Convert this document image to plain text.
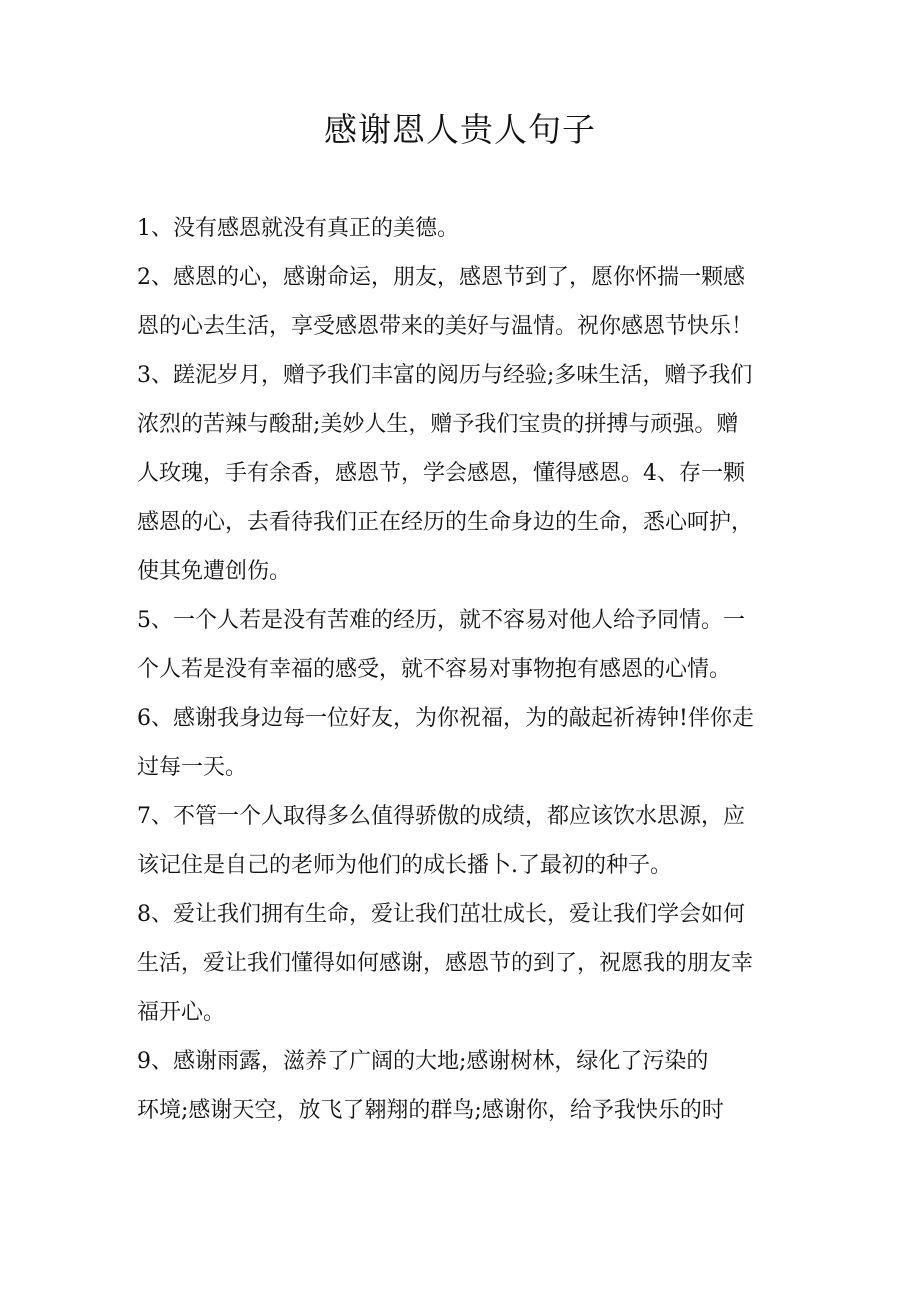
感谢恩人贵人句子
1、没有感恩就没有真正的美德。
2、感恩的心，感谢命运，朋友，感恩节到了，愿你怀揣一颗感
恩的心去生活，享受感恩带来的美好与温情。祝你感恩节快乐！
3、蹉泥岁月，赠予我们丰富的阅历与经验;多味生活，赠予我们
浓烈的苦辣与酸甜;美妙人生，赠予我们宝贵的拼搏与顽强。赠
人玫瑰，手有余香，感恩节，学会感恩，懂得感恩。4、存一颗
感恩的心，去看待我们正在经历的生命身边的生命，悉心呵护，
使其免遭创伤。
5、一个人若是没有苦难的经历，就不容易对他人给予同情。一
个人若是没有幸福的感受，就不容易对事物抱有感恩的心情。
6、感谢我身边每一位好友，为你祝福，为的敲起祈祷钟!伴你走
过每一天。
7、不管一个人取得多么值得骄傲的成绩，都应该饮水思源，应
该记住是自己的老师为他们的成长播卜.了最初的种子。
8、爱让我们拥有生命，爱让我们茁壮成长，爱让我们学会如何
生活，爱让我们懂得如何感谢，感恩节的到了，祝愿我的朋友幸
福开心。
9、感谢雨露，滋养了广阔的大地;感谢树林，绿化了污染的
环境;感谢天空，放飞了翱翔的群鸟;感谢你，给予我快乐的时
